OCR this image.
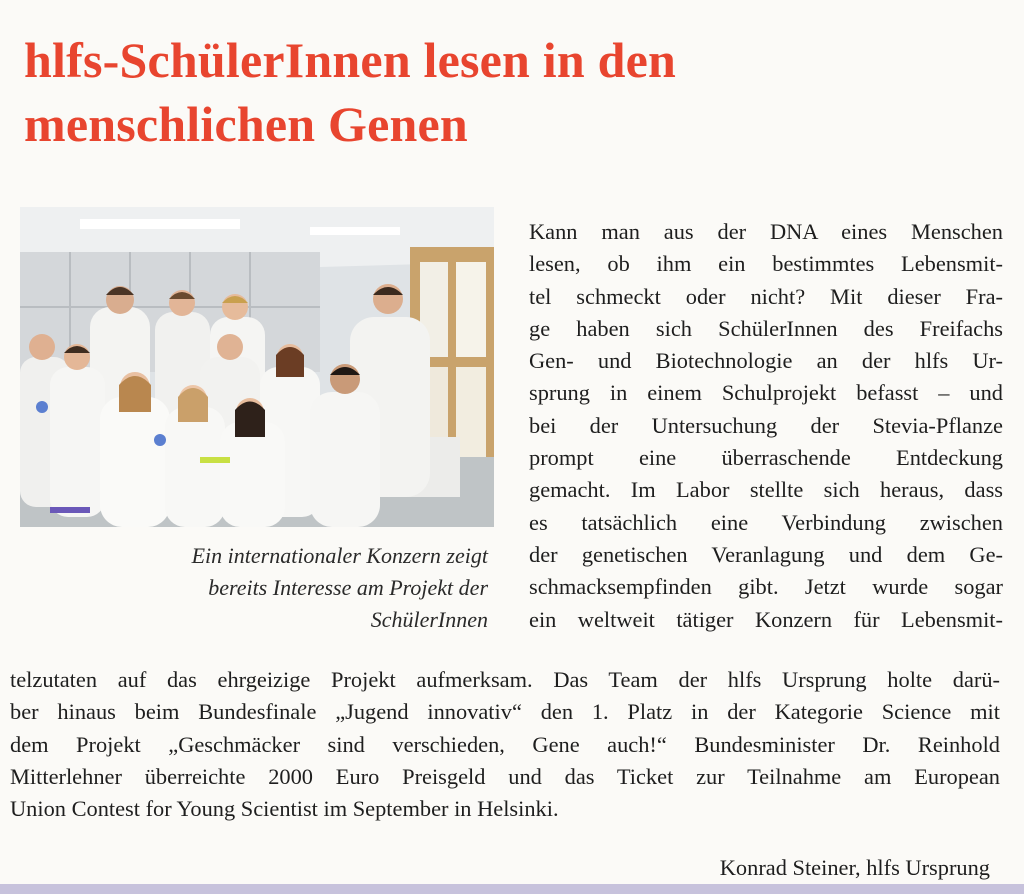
hlfs-SchülerInnen lesen in den
menschlichen Genen
Ein internationaler Konzern zeigt
bereits Interesse am Projekt der
SchülerInnen
Kann man aus der DNA eines Menschen
lesen, ob ihm ein bestimmtes Lebensmit-
tel schmeckt oder nicht? Mit dieser Fra-
ge haben sich SchülerInnen des Freifachs
Gen- und Biotechnologie an der hlfs Ur-
sprung in einem Schulprojekt befasst – und
bei der Untersuchung der Stevia-Pflanze
prompt eine überraschende Entdeckung
gemacht. Im Labor stellte sich heraus, dass
es tatsächlich eine Verbindung zwischen
der genetischen Veranlagung und dem Ge-
schmacksempfinden gibt. Jetzt wurde sogar
ein weltweit tätiger Konzern für Lebensmit-
telzutaten auf das ehrgeizige Projekt aufmerksam. Das Team der hlfs Ursprung holte darü-
ber hinaus beim Bundesfinale „Jugend innovativ“ den 1. Platz in der Kategorie Science mit
dem Projekt „Geschmäcker sind verschieden, Gene auch!“ Bundesminister Dr. Reinhold
Mitterlehner überreichte 2000 Euro Preisgeld und das Ticket zur Teilnahme am European
Union Contest for Young Scientist im September in Helsinki.
Konrad Steiner, hlfs Ursprung
